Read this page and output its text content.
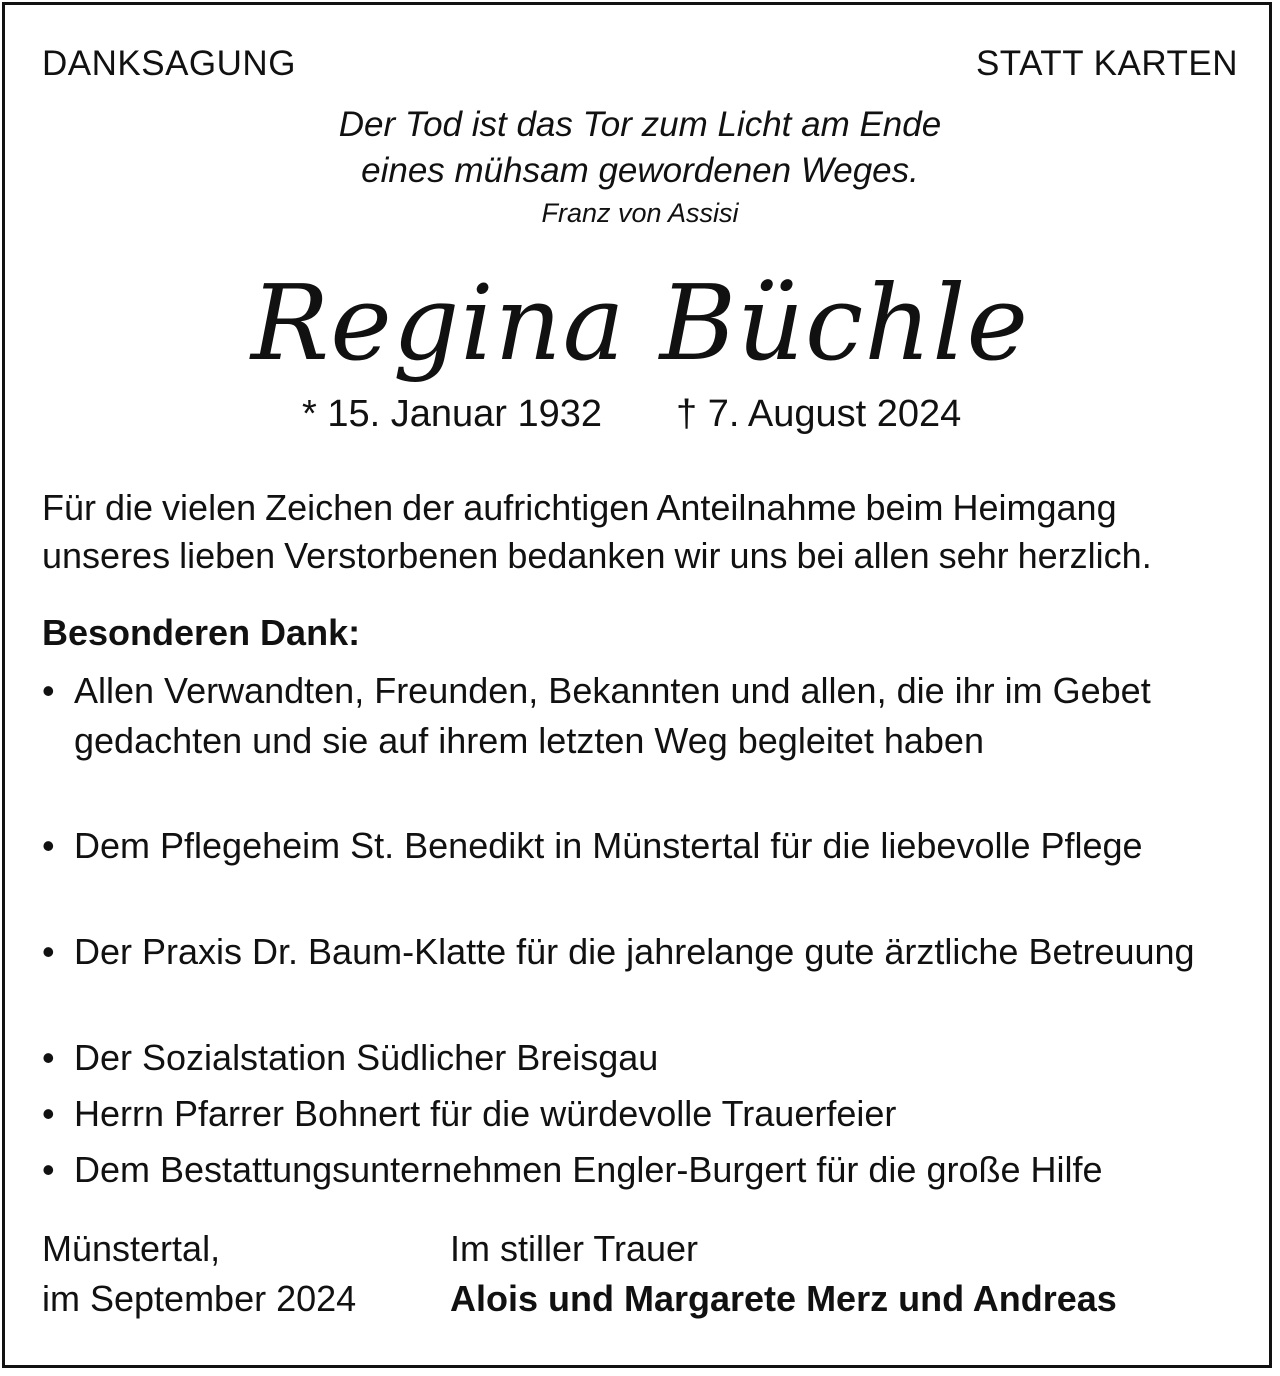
DANKSAGUNG	STATT KARTEN
Der Tod ist das Tor zum Licht am Ende
eines mühsam gewordenen Weges.
Franz von Assisi
Regina Büchle
* 15. Januar 1932 † 7. August 2024
Für die vielen Zeichen der aufrichtigen Anteilnahme beim Heimgang
unseres lieben Verstorbenen bedanken wir uns bei allen sehr herzlich.
Besonderen Dank:
• Allen Verwandten, Freunden, Bekannten und allen, die ihr im Gebet gedachten und sie auf ihrem letzten Weg begleitet haben
• Dem Pflegeheim St. Benedikt in Münstertal für die liebevolle Pflege
• Der Praxis Dr. Baum-Klatte für die jahrelange gute ärztliche Betreuung
• Der Sozialstation Südlicher Breisgau
• Herrn Pfarrer Bohnert für die würdevolle Trauerfeier
• Dem Bestattungsunternehmen Engler-Burgert für die große Hilfe
Münstertal,
im September 2024
Im stiller Trauer
Alois und Margarete Merz und Andreas
